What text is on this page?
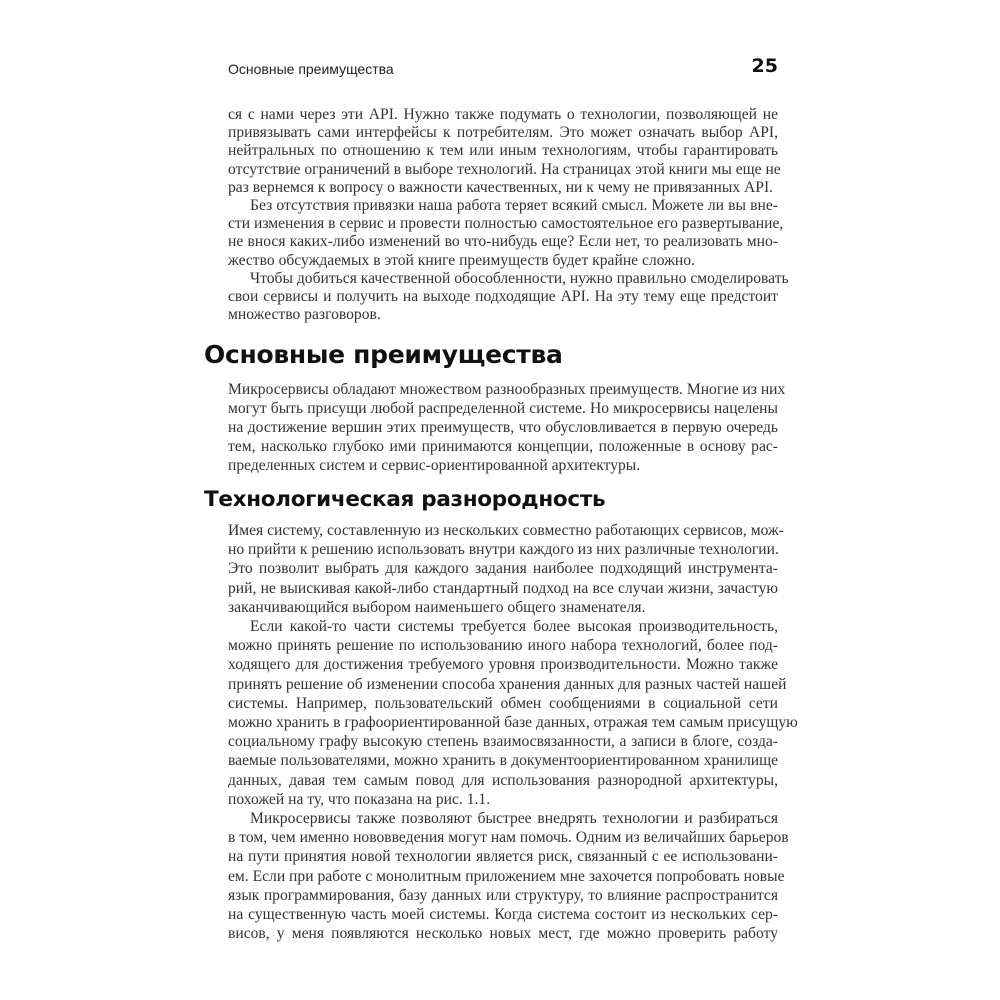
Основные преимущества	25
ся с нами через эти API. Нужно также подумать о технологии, позволяющей не
привязывать сами интерфейсы к потребителям. Это может означать выбор API,
нейтральных по отношению к тем или иным технологиям, чтобы гарантировать
отсутствие ограничений в выборе технологий. На страницах этой книги мы еще не
раз вернемся к вопросу о важности качественных, ни к чему не привязанных API.
Без отсутствия привязки наша работа теряет всякий смысл. Можете ли вы вне-
сти изменения в сервис и провести полностью самостоятельное его развертывание,
не внося каких-либо изменений во что-нибудь еще? Если нет, то реализовать мно-
жество обсуждаемых в этой книге преимуществ будет крайне сложно.
Чтобы добиться качественной обособленности, нужно правильно смоделировать
свои сервисы и получить на выходе подходящие API. На эту тему еще предстоит
множество разговоров.
Основные преимущества
Микросервисы обладают множеством разнообразных преимуществ. Многие из них
могут быть присущи любой распределенной системе. Но микросервисы нацелены
на достижение вершин этих преимуществ, что обусловливается в первую очередь
тем, насколько глубоко ими принимаются концепции, положенные в основу рас-
пределенных систем и сервис-ориентированной архитектуры.
Технологическая разнородность
Имея систему, составленную из нескольких совместно работающих сервисов, мож-
но прийти к решению использовать внутри каждого из них различные технологии.
Это позволит выбрать для каждого задания наиболее подходящий инструмента-
рий, не выискивая какой-либо стандартный подход на все случаи жизни, зачастую
заканчивающийся выбором наименьшего общего знаменателя.
Если какой-то части системы требуется более высокая производительность,
можно принять решение по использованию иного набора технологий, более под-
ходящего для достижения требуемого уровня производительности. Можно также
принять решение об изменении способа хранения данных для разных частей нашей
системы. Например, пользовательский обмен сообщениями в социальной сети
можно хранить в графоориентированной базе данных, отражая тем самым присущую
социальному графу высокую степень взаимосвязанности, а записи в блоге, созда-
ваемые пользователями, можно хранить в документоориентированном хранилище
данных, давая тем самым повод для использования разнородной архитектуры,
похожей на ту, что показана на рис. 1.1.
Микросервисы также позволяют быстрее внедрять технологии и разбираться
в том, чем именно нововведения могут нам помочь. Одним из величайших барьеров
на пути принятия новой технологии является риск, связанный с ее использовани-
ем. Если при работе с монолитным приложением мне захочется попробовать новые
язык программирования, базу данных или структуру, то влияние распространится
на существенную часть моей системы. Когда система состоит из нескольких сер-
висов, у меня появляются несколько новых мест, где можно проверить работу
